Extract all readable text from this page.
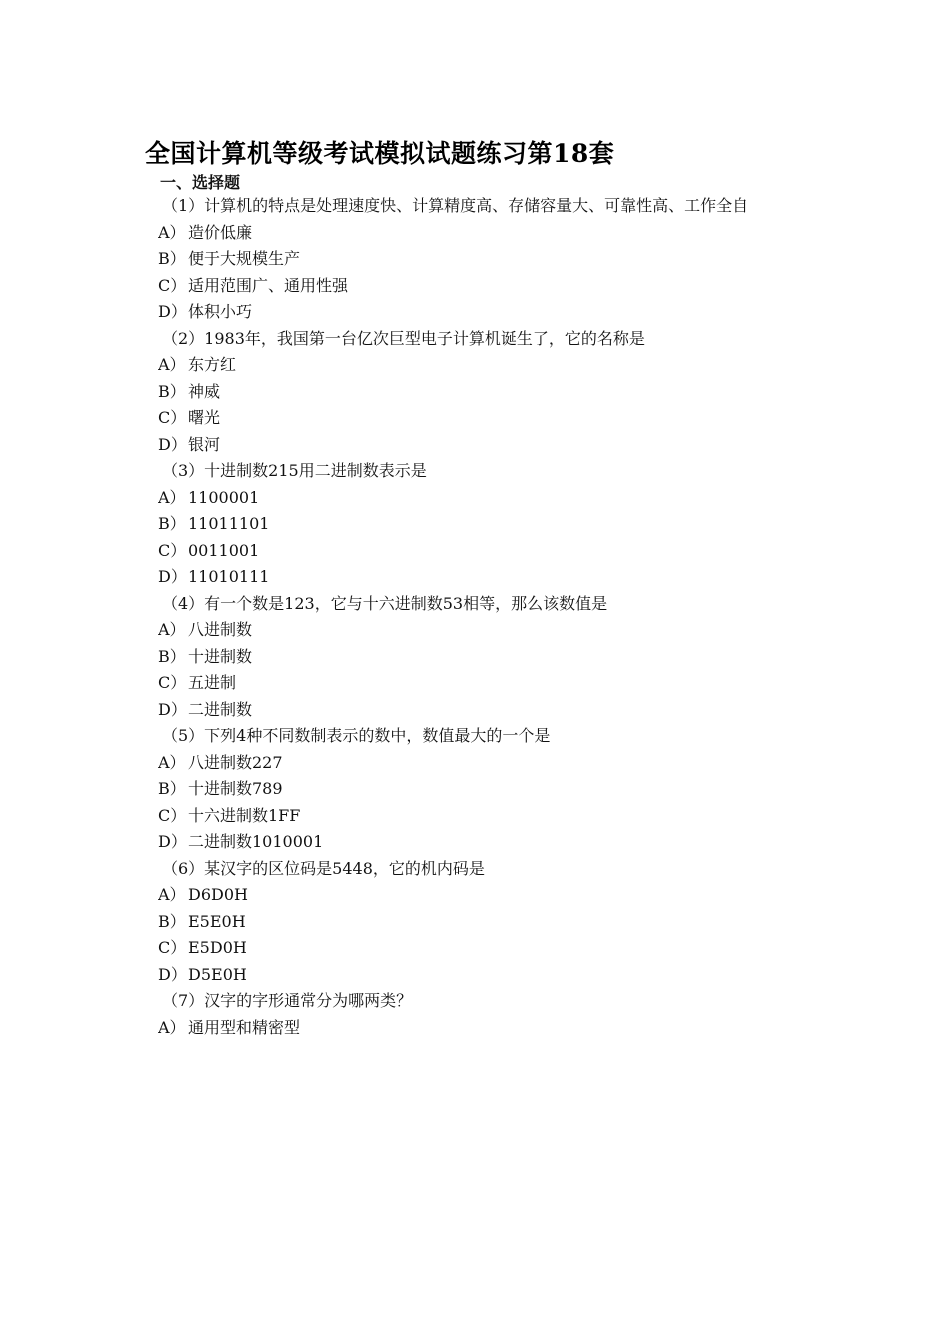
全国计算机等级考试模拟试题练习第18套
一、选择题
（1）计算机的特点是处理速度快、计算精度高、存储容量大、可靠性高、工作全自
A） 造价低廉
B） 便于大规模生产
C） 适用范围广、通用性强
D）体积小巧
（2）1983年，我国第一台亿次巨型电子计算机诞生了，它的名称是
A） 东方红
B） 神威
C） 曙光
D）银河
（3）十进制数215用二进制数表示是
A） 1100001
B） 11011101
C） 0011001
D）11010111
（4）有一个数是123，它与十六进制数53相等，那么该数值是
A） 八进制数
B） 十进制数
C） 五进制
D）二进制数
（5）下列4种不同数制表示的数中，数值最大的一个是
A） 八进制数227
B） 十进制数789
C） 十六进制数1FF
D）二进制数1010001
（6）某汉字的区位码是5448，它的机内码是
A） D6D0H
B） E5E0H
C） E5D0H
D）D5E0H
（7）汉字的字形通常分为哪两类？
A） 通用型和精密型
